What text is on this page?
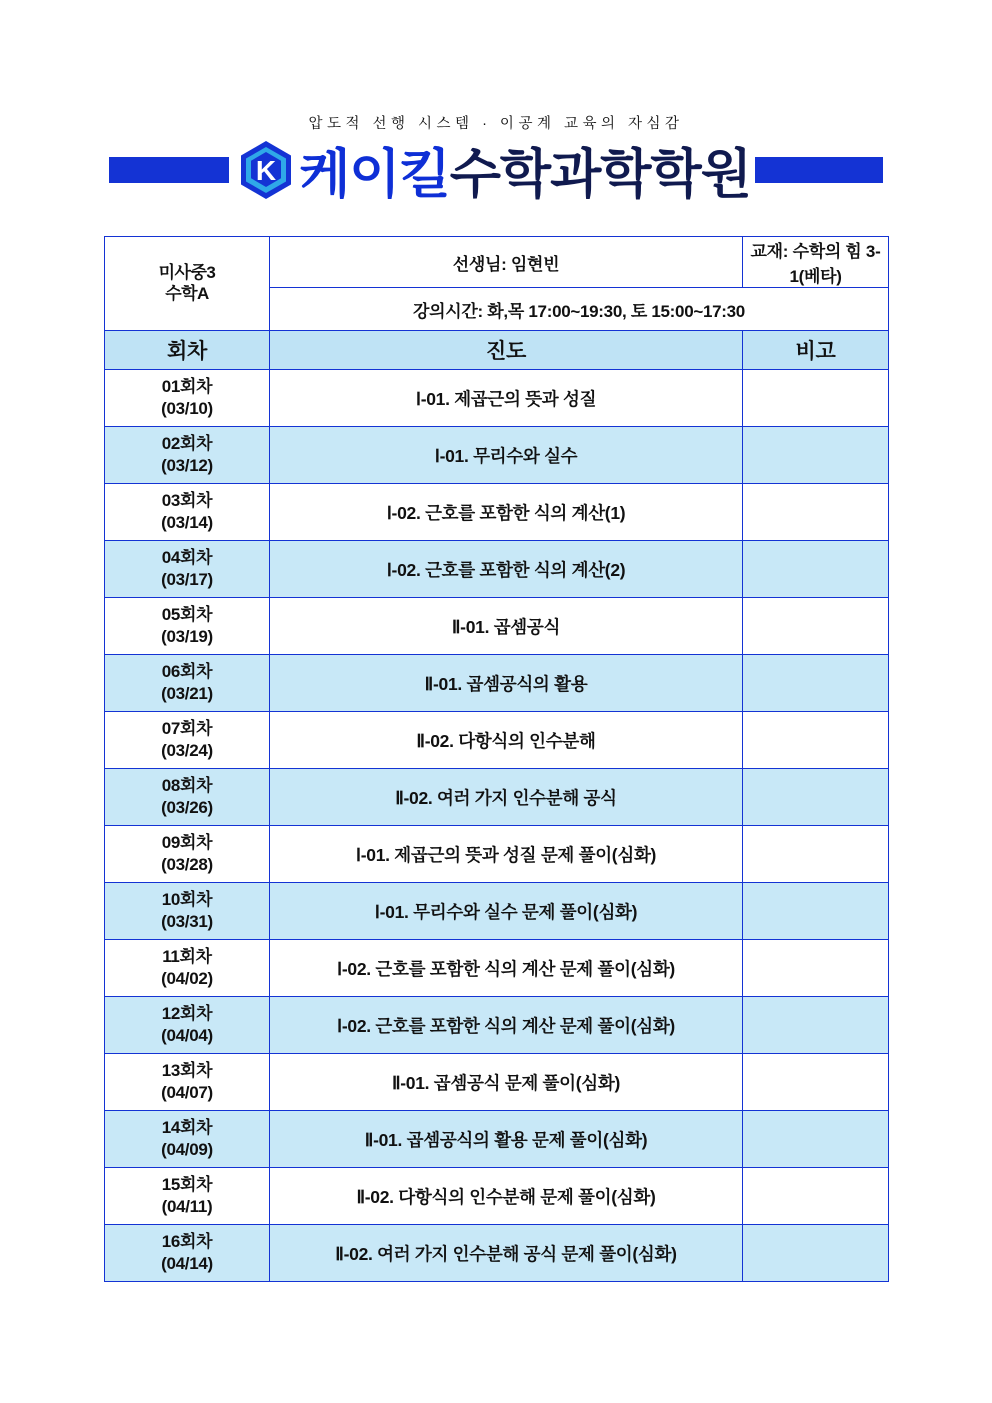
압도적 선행 시스템 · 이공계 교육의 자심감
K 케이킬 수학과학학원
미사중3
수학A	선생님: 임현빈	교재: 수학의 힘 3-1(베타)
	강의시간: 화,목 17:00~19:30, 토 15:00~17:30	
회차	진도	비고

01회차
(03/10)	Ⅰ-01. 제곱근의 뜻과 성질	

02회차
(03/12)	Ⅰ-01. 무리수와 실수	

03회차
(03/14)	Ⅰ-02. 근호를 포함한 식의 계산(1)	

04회차
(03/17)	Ⅰ-02. 근호를 포함한 식의 계산(2)	

05회차
(03/19)	Ⅱ-01. 곱셈공식	

06회차
(03/21)	Ⅱ-01. 곱셈공식의 활용	

07회차
(03/24)	Ⅱ-02. 다항식의 인수분해	

08회차
(03/26)	Ⅱ-02. 여러 가지 인수분해 공식	

09회차
(03/28)	Ⅰ-01. 제곱근의 뜻과 성질 문제 풀이(심화)	

10회차
(03/31)	Ⅰ-01. 무리수와 실수 문제 풀이(심화)	

11회차
(04/02)	Ⅰ-02. 근호를 포함한 식의 계산 문제 풀이(심화)	

12회차
(04/04)	Ⅰ-02. 근호를 포함한 식의 계산 문제 풀이(심화)	

13회차
(04/07)	Ⅱ-01. 곱셈공식 문제 풀이(심화)	

14회차
(04/09)	Ⅱ-01. 곱셈공식의 활용 문제 풀이(심화)	

15회차
(04/11)	Ⅱ-02. 다항식의 인수분해 문제 풀이(심화)	

16회차
(04/14)	Ⅱ-02. 여러 가지 인수분해 공식 문제 풀이(심화)	
